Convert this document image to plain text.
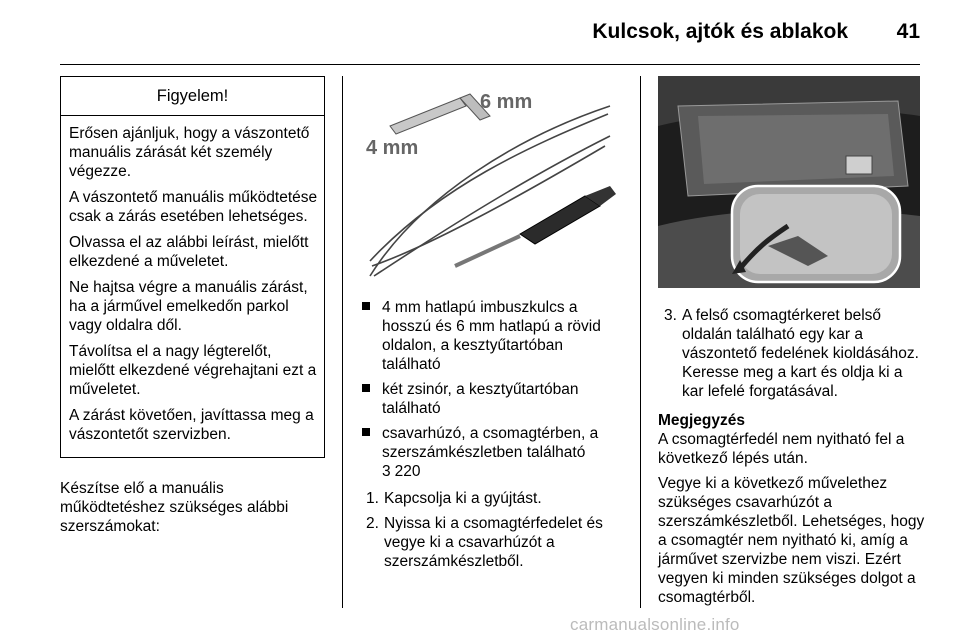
Kulcsok, ajtók és ablakok 41
Figyelem!

Erősen ajánljuk, hogy a vászontető manuális zárását két személy végezze.

A vászontető manuális működtetése csak a zárás esetében lehetséges.

Olvassa el az alábbi leírást, mielőtt elkezdené a műveletet.

Ne hajtsa végre a manuális zárást, ha a járművel emelkedőn parkol vagy oldalra dől.

Távolítsa el a nagy légterelőt, mielőtt elkezdené végrehajtani ezt a műveletet.

A zárást követően, javíttassa meg a vászontetőt szervizben.

Készítse elő a manuális működtetéshez szükséges alábbi szerszámokat:

6 mm
4 mm
4 mm hatlapú imbuszkulcs a hosszú és 6 mm hatlapú a rövid oldalon, a kesztyűtartóban található
két zsinór, a kesztyűtartóban található
csavarhúzó, a csomagtérben, a szerszámkészletben található
3 220
1. Kapcsolja ki a gyújtást.
2. Nyissa ki a csomagtérfedelet és vegye ki a csavarhúzót a szerszámkészletből.
3. A felső csomagtérkeret belső oldalán található egy kar a vászontető fedelének kioldásához. Keresse meg a kart és oldja ki a kar lefelé forgatásával.
Megjegyzés

A csomagtérfedél nem nyitható fel a következő lépés után.

Vegye ki a következő művelethez szükséges csavarhúzót a szerszámkészletből. Lehetséges, hogy a csomagtér nem nyitható ki, amíg a járművet szervizbe nem viszi. Ezért vegyen ki minden szükséges dolgot a csomagtérből.

carmanualsonline.info
